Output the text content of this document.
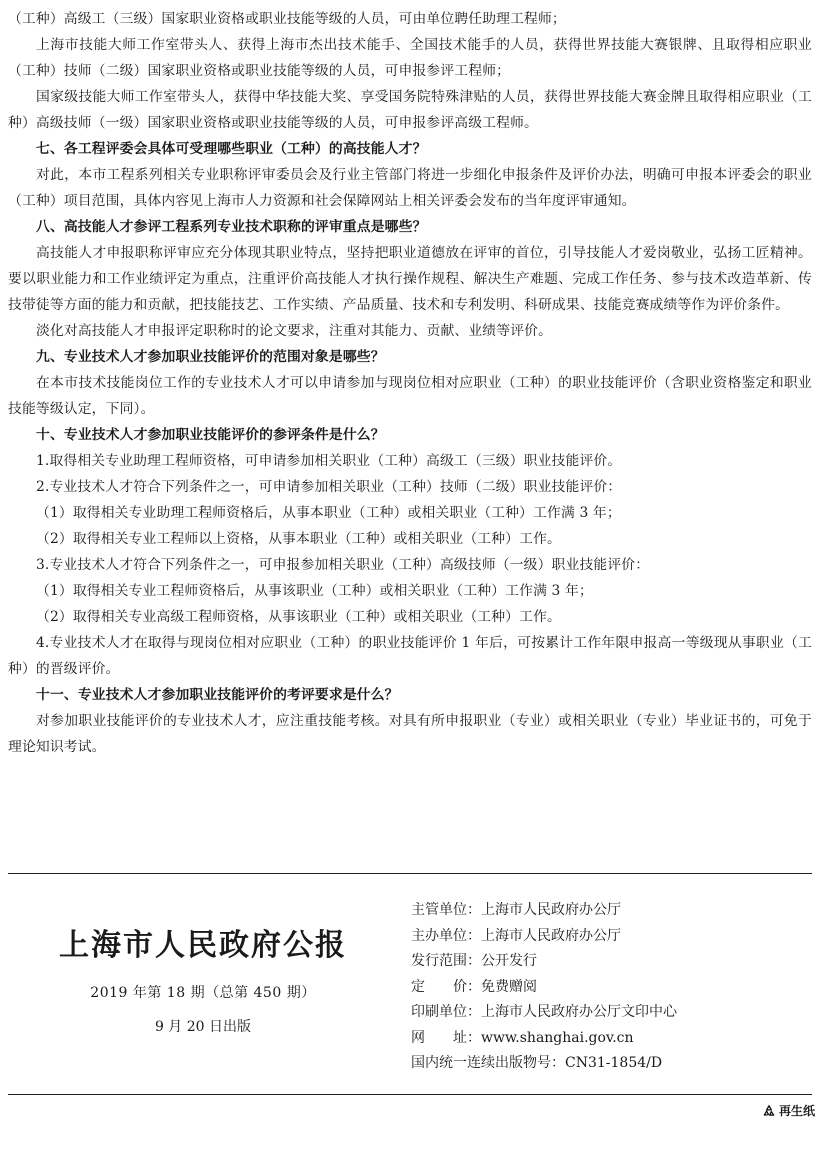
（工种）高级工（三级）国家职业资格或职业技能等级的人员，可由单位聘任助理工程师；

上海市技能大师工作室带头人、获得上海市杰出技术能手、全国技术能手的人员，获得世界技能大赛银牌、且取得相应职业（工种）技师（二级）国家职业资格或职业技能等级的人员，可申报参评工程师；

国家级技能大师工作室带头人，获得中华技能大奖、享受国务院特殊津贴的人员，获得世界技能大赛金牌且取得相应职业（工种）高级技师（一级）国家职业资格或职业技能等级的人员，可申报参评高级工程师。

七、各工程评委会具体可受理哪些职业（工种）的高技能人才？

对此，本市工程系列相关专业职称评审委员会及行业主管部门将进一步细化申报条件及评价办法，明确可申报本评委会的职业（工种）项目范围，具体内容见上海市人力资源和社会保障网站上相关评委会发布的当年度评审通知。

八、高技能人才参评工程系列专业技术职称的评审重点是哪些？

高技能人才申报职称评审应充分体现其职业特点，坚持把职业道德放在评审的首位，引导技能人才爱岗敬业，弘扬工匠精神。要以职业能力和工作业绩评定为重点，注重评价高技能人才执行操作规程、解决生产难题、完成工作任务、参与技术改造革新、传技带徒等方面的能力和贡献，把技能技艺、工作实绩、产品质量、技术和专利发明、科研成果、技能竞赛成绩等作为评价条件。

淡化对高技能人才申报评定职称时的论文要求，注重对其能力、贡献、业绩等评价。

九、专业技术人才参加职业技能评价的范围对象是哪些？

在本市技术技能岗位工作的专业技术人才可以申请参加与现岗位相对应职业（工种）的职业技能评价（含职业资格鉴定和职业技能等级认定，下同）。

十、专业技术人才参加职业技能评价的参评条件是什么？

1.取得相关专业助理工程师资格，可申请参加相关职业（工种）高级工（三级）职业技能评价。

2.专业技术人才符合下列条件之一，可申请参加相关职业（工种）技师（二级）职业技能评价：

（1）取得相关专业助理工程师资格后，从事本职业（工种）或相关职业（工种）工作满 3 年；

（2）取得相关专业工程师以上资格，从事本职业（工种）或相关职业（工种）工作。

3.专业技术人才符合下列条件之一，可申报参加相关职业（工种）高级技师（一级）职业技能评价：

（1）取得相关专业工程师资格后，从事该职业（工种）或相关职业（工种）工作满 3 年；

（2）取得相关专业高级工程师资格，从事该职业（工种）或相关职业（工种）工作。

4.专业技术人才在取得与现岗位相对应职业（工种）的职业技能评价 1 年后，可按累计工作年限申报高一等级现从事职业（工种）的晋级评价。

十一、专业技术人才参加职业技能评价的考评要求是什么？

对参加职业技能评价的专业技术人才，应注重技能考核。对具有所申报职业（专业）或相关职业（专业）毕业证书的，可免于理论知识考试。

上海市人民政府公报

2019 年第 18 期（总第 450 期）

9 月 20 日出版

主管单位：上海市人民政府办公厅
主办单位：上海市人民政府办公厅
发行范围：公开发行
定　　价：免费赠阅
印刷单位：上海市人民政府办公厅文印中心
网　　址：www.shanghai.gov.cn
国内统一连续出版物号：CN31-1854/D
再生纸
